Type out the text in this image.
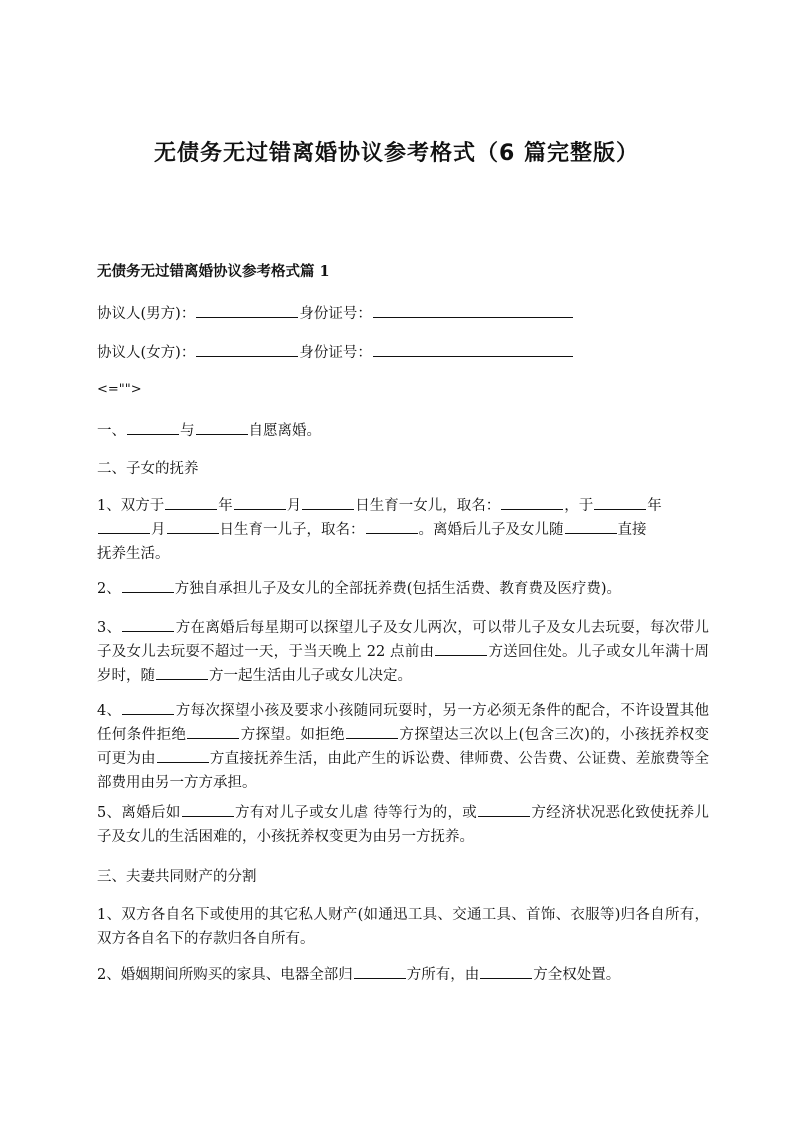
无债务无过错离婚协议参考格式（6 篇完整版）
无债务无过错离婚协议参考格式篇 1
协议人(男方)：	身份证号：
协议人(女方)：	身份证号：
<="">
一、	与	自愿离婚。
二、子女的抚养
1、双方于	年	月	日生育一女儿，取名：	，于	年
月	日生育一儿子，取名：	。离婚后儿子及女儿随	直接
抚养生活。
2、	方独自承担儿子及女儿的全部抚养费(包括生活费、教育费及医疗费)。
3、	方在离婚后每星期可以探望儿子及女儿两次，可以带儿子及女儿去玩耍，每次带儿子及女儿去玩耍不超过一天，于当天晚上 22 点前由	方送回住处。儿子或女儿年满十周岁时，随	方一起生活由儿子或女儿决定。
4、	方每次探望小孩及要求小孩随同玩耍时，另一方必须无条件的配合，不许设置其他任何条件拒绝	方探望。如拒绝	方探望达三次以上(包含三次)的，小孩抚养权变可更为由	方直接抚养生活，由此产生的诉讼费、律师费、公告费、公证费、差旅费等全部费用由另一方方承担。
5、离婚后如	方有对儿子或女儿虐 待等行为的，或	方经济状况恶化致使抚养儿子及女儿的生活困难的，小孩抚养权变更为由另一方抚养。
三、夫妻共同财产的分割
1、双方各自名下或使用的其它私人财产(如通迅工具、交通工具、首饰、衣服等)归各自所有，双方各自名下的存款归各自所有。
2、婚姻期间所购买的家具、电器全部归	方所有，由	方全权处置。
